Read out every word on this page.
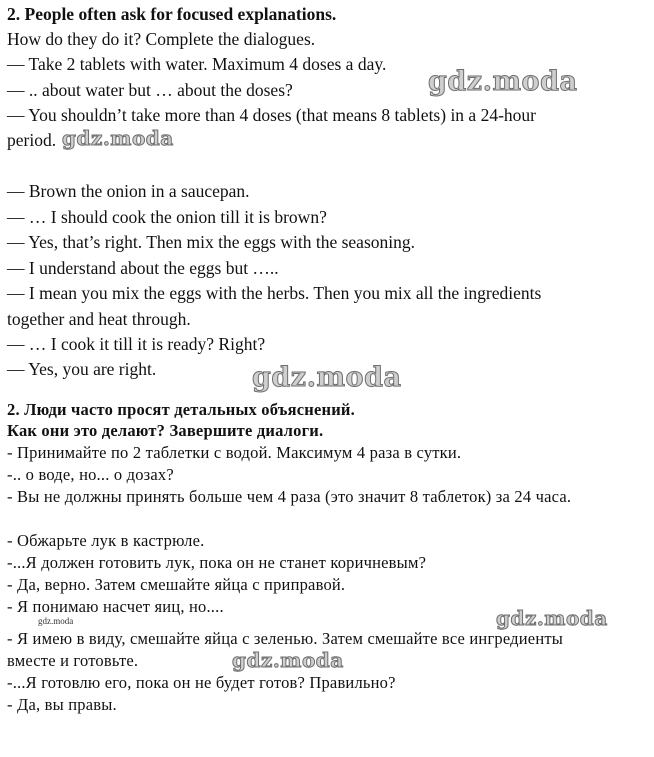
2. People often ask for focused explanations.
How do they do it? Complete the dialogues.
— Take 2 tablets with water. Maximum 4 doses a day.
— .. about water but … about the doses?
— You shouldn’t take more than 4 doses (that means 8 tablets) in a 24-hour
period.
— Brown the onion in a saucepan.
— … I should cook the onion till it is brown?
— Yes, that’s right. Then mix the eggs with the seasoning.
— I understand about the eggs but …..
— I mean you mix the eggs with the herbs. Then you mix all the ingredients
together and heat through.
— … I cook it till it is ready? Right?
— Yes, you are right.
2. Люди часто просят детальных объяснений.
Как они это делают? Завершите диалоги.
- Принимайте по 2 таблетки с водой. Максимум 4 раза в сутки.
-.. о воде, но... о дозах?
- Вы не должны принять больше чем 4 раза (это значит 8 таблеток) за 24 часа.
- Обжарьте лук в кастрюле.
-...Я должен готовить лук, пока он не станет коричневым?
- Да, верно. Затем смешайте яйца с приправой.
- Я понимаю насчет яиц, но....
- Я имею в виду, смешайте яйца с зеленью. Затем смешайте все ингредиенты
вместе и готовьте.
-...Я готовлю его, пока он не будет готов? Правильно?
- Да, вы правы.
gdz.moda
gdz.moda
gdz.moda
gdz.moda
gdz.moda
gdz.moda
